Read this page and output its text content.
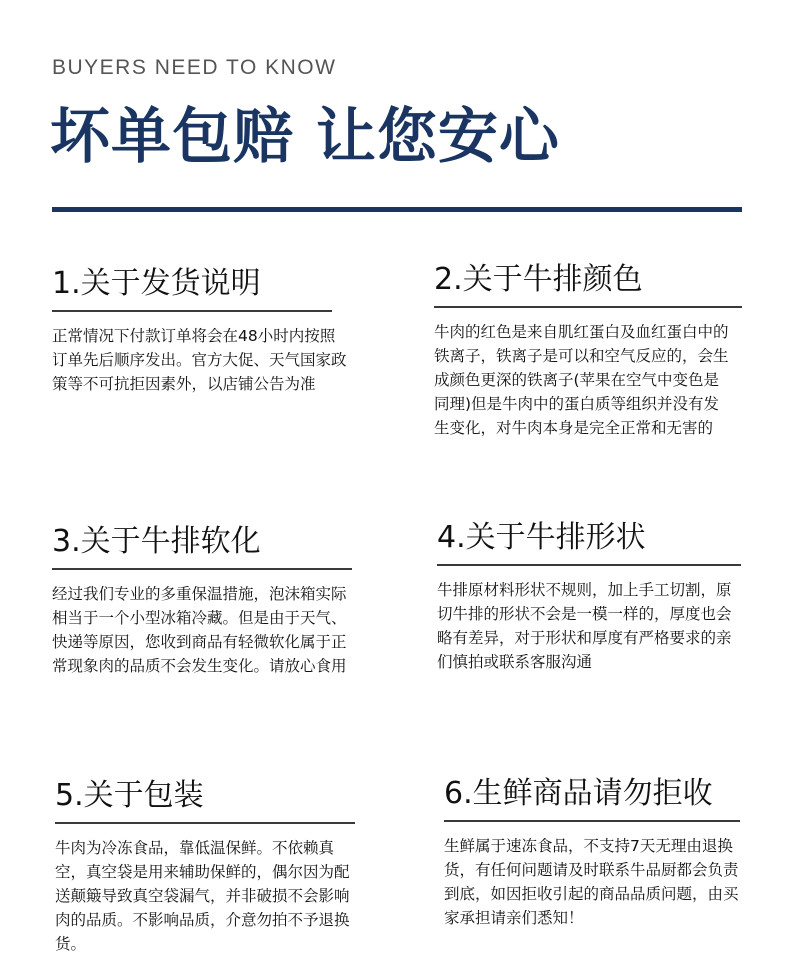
BUYERS NEED TO KNOW
坏单包赔 让您安心
1.关于发货说明
正常情况下付款订单将会在48小时内按照订单先后顺序发出。官方大促、天气国家政策等不可抗拒因素外，以店铺公告为准
2.关于牛排颜色
牛肉的红色是来自肌红蛋白及血红蛋白中的铁离子，铁离子是可以和空气反应的，会生成颜色更深的铁离子(苹果在空气中变色是同理)但是牛肉中的蛋白质等组织并没有发生变化，对牛肉本身是完全正常和无害的
3.关于牛排软化
经过我们专业的多重保温措施，泡沫箱实际相当于一个小型冰箱冷藏。但是由于天气、快递等原因，您收到商品有轻微软化属于正常现象肉的品质不会发生变化。请放心食用
4.关于牛排形状
牛排原材料形状不规则，加上手工切割，原切牛排的形状不会是一模一样的，厚度也会略有差异，对于形状和厚度有严格要求的亲们慎拍或联系客服沟通
5.关于包装
牛肉为冷冻食品，靠低温保鲜。不依赖真空，真空袋是用来辅助保鲜的，偶尔因为配送颠簸导致真空袋漏气，并非破损不会影响肉的品质。不影响品质，介意勿拍不予退换货。
6.生鲜商品请勿拒收
生鲜属于速冻食品，不支持7天无理由退换货，有任何问题请及时联系牛品厨都会负责到底，如因拒收引起的商品品质问题，由买家承担请亲们悉知！
